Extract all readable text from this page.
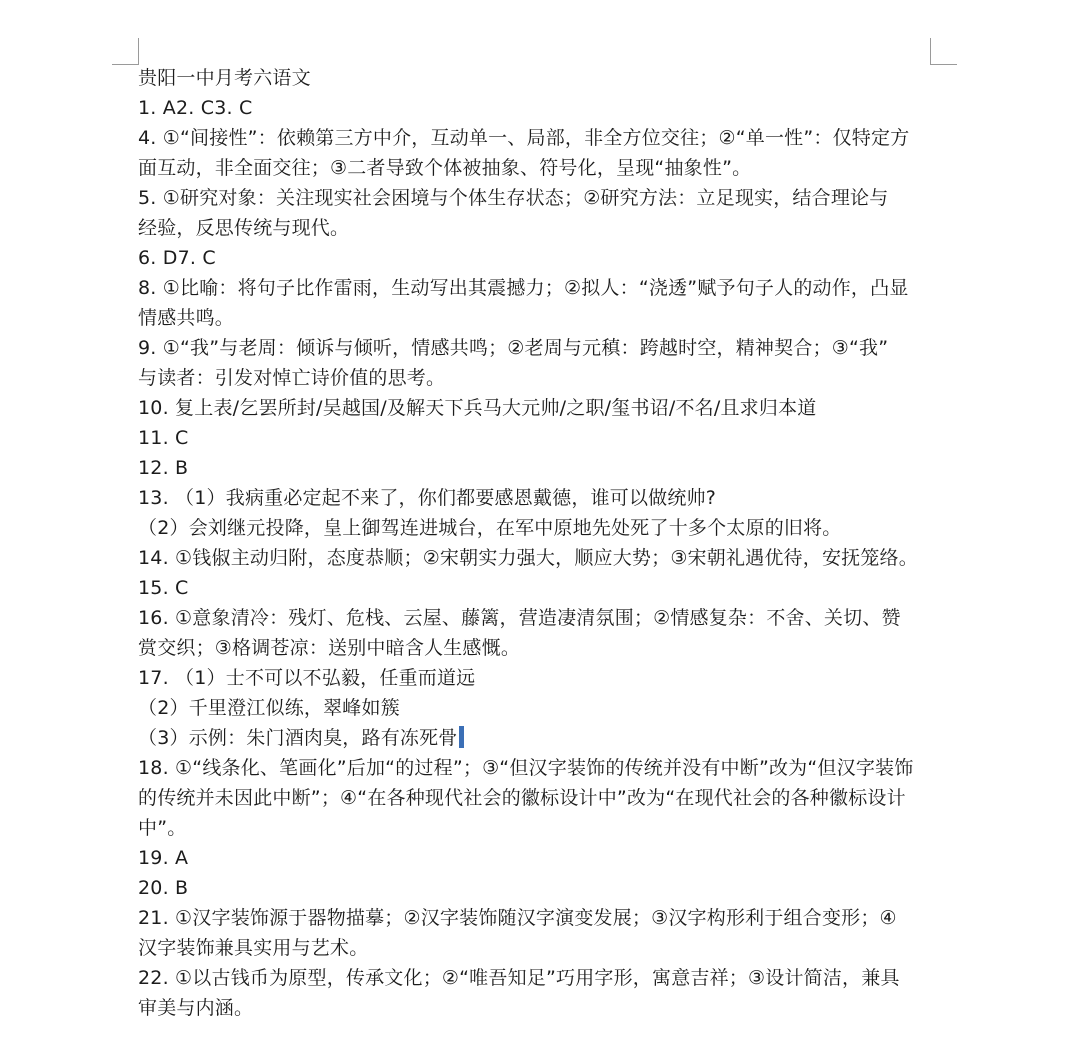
贵阳一中月考六语文
1. A2. C3. C
4. ①“间接性”：依赖第三方中介，互动单一、局部，非全方位交往；②“单一性”：仅特定方
面互动，非全面交往；③二者导致个体被抽象、符号化，呈现“抽象性”。
5. ①研究对象：关注现实社会困境与个体生存状态；②研究方法：立足现实，结合理论与
经验，反思传统与现代。
6. D7. C
8. ①比喻：将句子比作雷雨，生动写出其震撼力；②拟人：“浇透”赋予句子人的动作，凸显
情感共鸣。
9. ①“我”与老周：倾诉与倾听，情感共鸣；②老周与元稹：跨越时空，精神契合；③“我”
与读者：引发对悼亡诗价值的思考。
10. 复上表/乞罢所封/吴越国/及解天下兵马大元帅/之职/玺书诏/不名/且求归本道
11. C
12. B
13. （1）我病重必定起不来了，你们都要感恩戴德，谁可以做统帅?
（2）会刘继元投降，皇上御驾连进城台，在军中原地先处死了十多个太原的旧将。
14. ①钱俶主动归附，态度恭顺；②宋朝实力强大，顺应大势；③宋朝礼遇优待，安抚笼络。
15. C
16. ①意象清冷：残灯、危栈、云屋、藤篱，营造凄清氛围；②情感复杂：不舍、关切、赞
赏交织；③格调苍凉：送别中暗含人生感慨。
17. （1）士不可以不弘毅，任重而道远
（2）千里澄江似练，翠峰如簇
（3）示例：朱门酒肉臭，路有冻死骨
18. ①“线条化、笔画化”后加“的过程”；③“但汉字装饰的传统并没有中断”改为“但汉字装饰
的传统并未因此中断”；④“在各种现代社会的徽标设计中”改为“在现代社会的各种徽标设计
中”。
19. A
20. B
21. ①汉字装饰源于器物描摹；②汉字装饰随汉字演变发展；③汉字构形利于组合变形；④
汉字装饰兼具实用与艺术。
22. ①以古钱币为原型，传承文化；②“唯吾知足”巧用字形，寓意吉祥；③设计简洁，兼具
审美与内涵。
